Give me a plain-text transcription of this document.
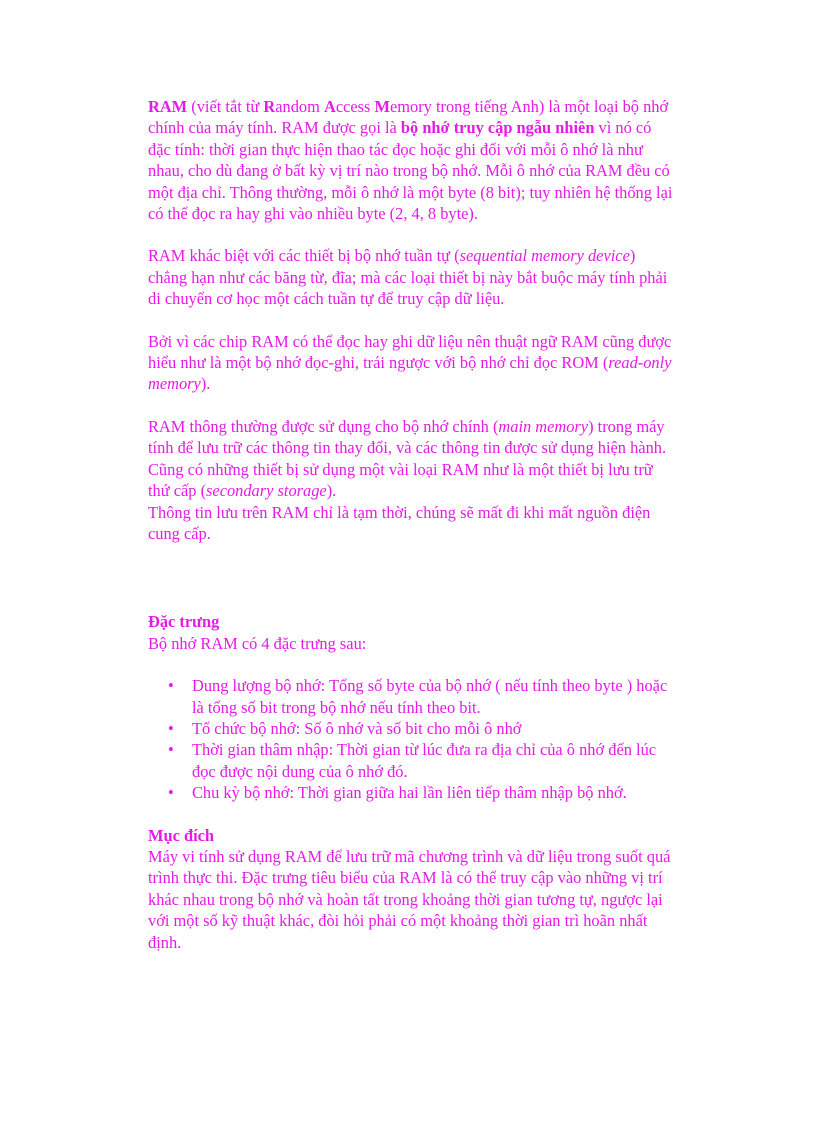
RAM (viết tắt từ Random Access Memory trong tiếng Anh) là một loại bộ nhớ chính của máy tính. RAM được gọi là bộ nhớ truy cập ngẫu nhiên vì nó có đặc tính: thời gian thực hiện thao tác đọc hoặc ghi đối với mỗi ô nhớ là như nhau, cho dù đang ở bất kỳ vị trí nào trong bộ nhớ. Mỗi ô nhớ của RAM đều có một địa chỉ. Thông thường, mỗi ô nhớ là một byte (8 bit); tuy nhiên hệ thống lại có thể đọc ra hay ghi vào nhiều byte (2, 4, 8 byte).

RAM khác biệt với các thiết bị bộ nhớ tuần tự (sequential memory device) chẳng hạn như các băng từ, đĩa; mà các loại thiết bị này bắt buộc máy tính phải di chuyển cơ học một cách tuần tự để truy cập dữ liệu.

Bởi vì các chip RAM có thể đọc hay ghi dữ liệu nên thuật ngữ RAM cũng được hiểu như là một bộ nhớ đọc-ghi, trái ngược với bộ nhớ chỉ đọc ROM (read-only memory).

RAM thông thường được sử dụng cho bộ nhớ chính (main memory) trong máy tính để lưu trữ các thông tin thay đổi, và các thông tin được sử dụng hiện hành. Cũng có những thiết bị sử dụng một vài loại RAM như là một thiết bị lưu trữ thứ cấp (secondary storage).

Thông tin lưu trên RAM chỉ là tạm thời, chúng sẽ mất đi khi mất nguồn điện cung cấp.

Đặc trưng

Bộ nhớ RAM có 4 đặc trưng sau:

• Dung lượng bộ nhớ: Tổng số byte của bộ nhớ ( nếu tính theo byte ) hoặc là tổng số bit trong bộ nhớ nếu tính theo bit.
• Tổ chức bộ nhớ: Số ô nhớ và số bit cho mỗi ô nhớ
• Thời gian thâm nhập: Thời gian từ lúc đưa ra địa chỉ của ô nhớ đến lúc đọc được nội dung của ô nhớ đó.
• Chu kỳ bộ nhớ: Thời gian giữa hai lần liên tiếp thâm nhập bộ nhớ.

Mục đích

Máy vi tính sử dụng RAM để lưu trữ mã chương trình và dữ liệu trong suốt quá trình thực thi. Đặc trưng tiêu biểu của RAM là có thể truy cập vào những vị trí khác nhau trong bộ nhớ và hoàn tất trong khoảng thời gian tương tự, ngược lại với một số kỹ thuật khác, đòi hỏi phải có một khoảng thời gian trì hoãn nhất định.
